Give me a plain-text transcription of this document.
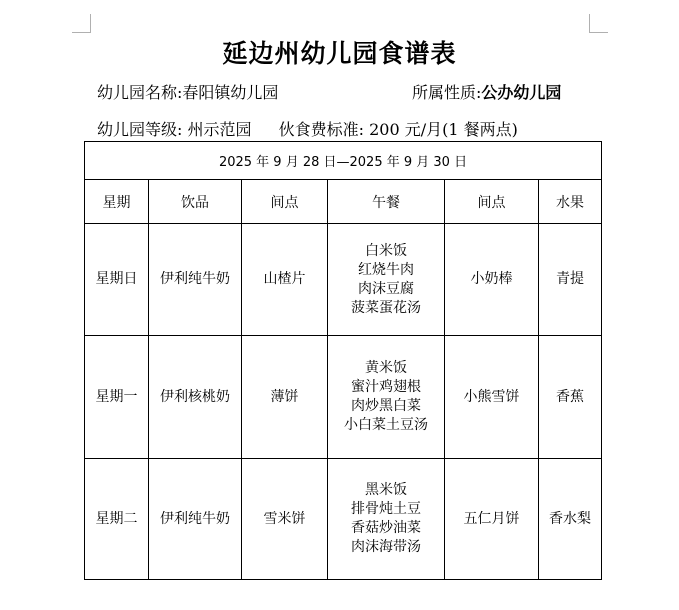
延边州幼儿园食谱表
幼儿园名称:春阳镇幼儿园	所属性质:公办幼儿园
幼儿园等级: 州示范园 伙食费标准: 200 元/月(1 餐两点)
2025 年 9 月 28 日—2025 年 9 月 30 日					
星期	饮品	间点	午餐	间点	水果
星期日	伊利纯牛奶	山楂片	白米饭
红烧牛肉
肉沫豆腐
菠菜蛋花汤	小奶棒	青提
星期一	伊利核桃奶	薄饼	黄米饭
蜜汁鸡翅根
肉炒黑白菜
小白菜土豆汤	小熊雪饼	香蕉
星期二	伊利纯牛奶	雪米饼	黑米饭
排骨炖土豆
香菇炒油菜
肉沫海带汤	五仁月饼	香水梨
